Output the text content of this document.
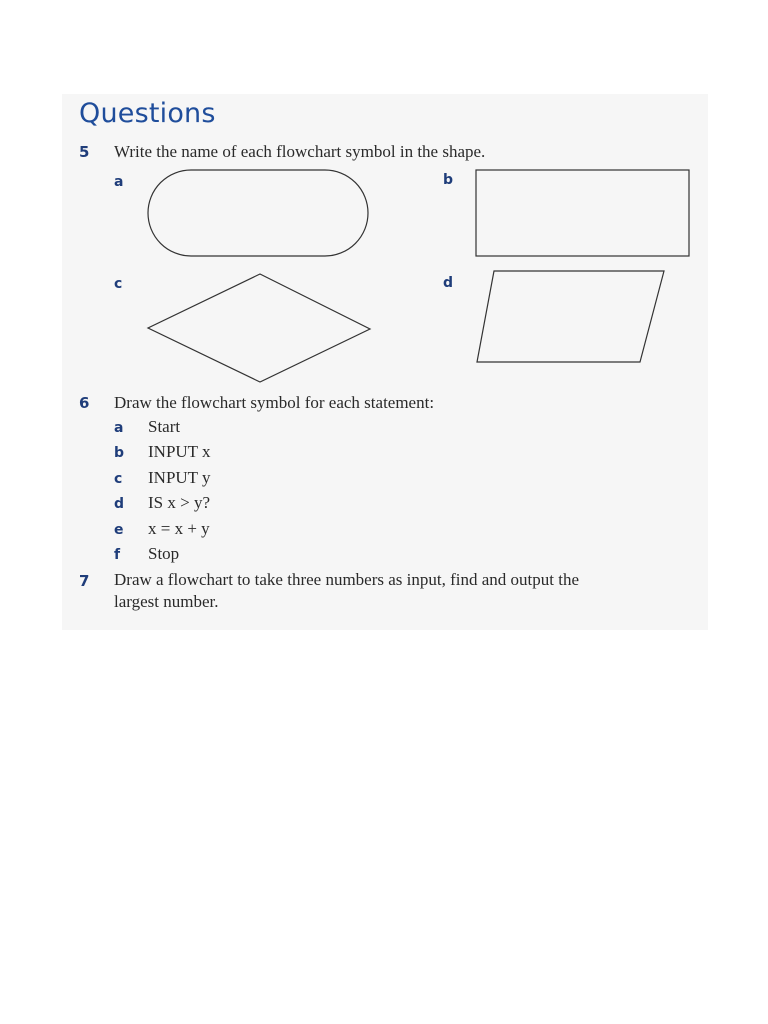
Questions
5 Write the name of each flowchart symbol in the shape.
a	b
c	d
6 Draw the flowchart symbol for each statement:
a Start
b INPUT x
c INPUT y
d IS x > y?
e x = x + y
f Stop
7 Draw a flowchart to take three numbers as input, find and output the
largest number.
